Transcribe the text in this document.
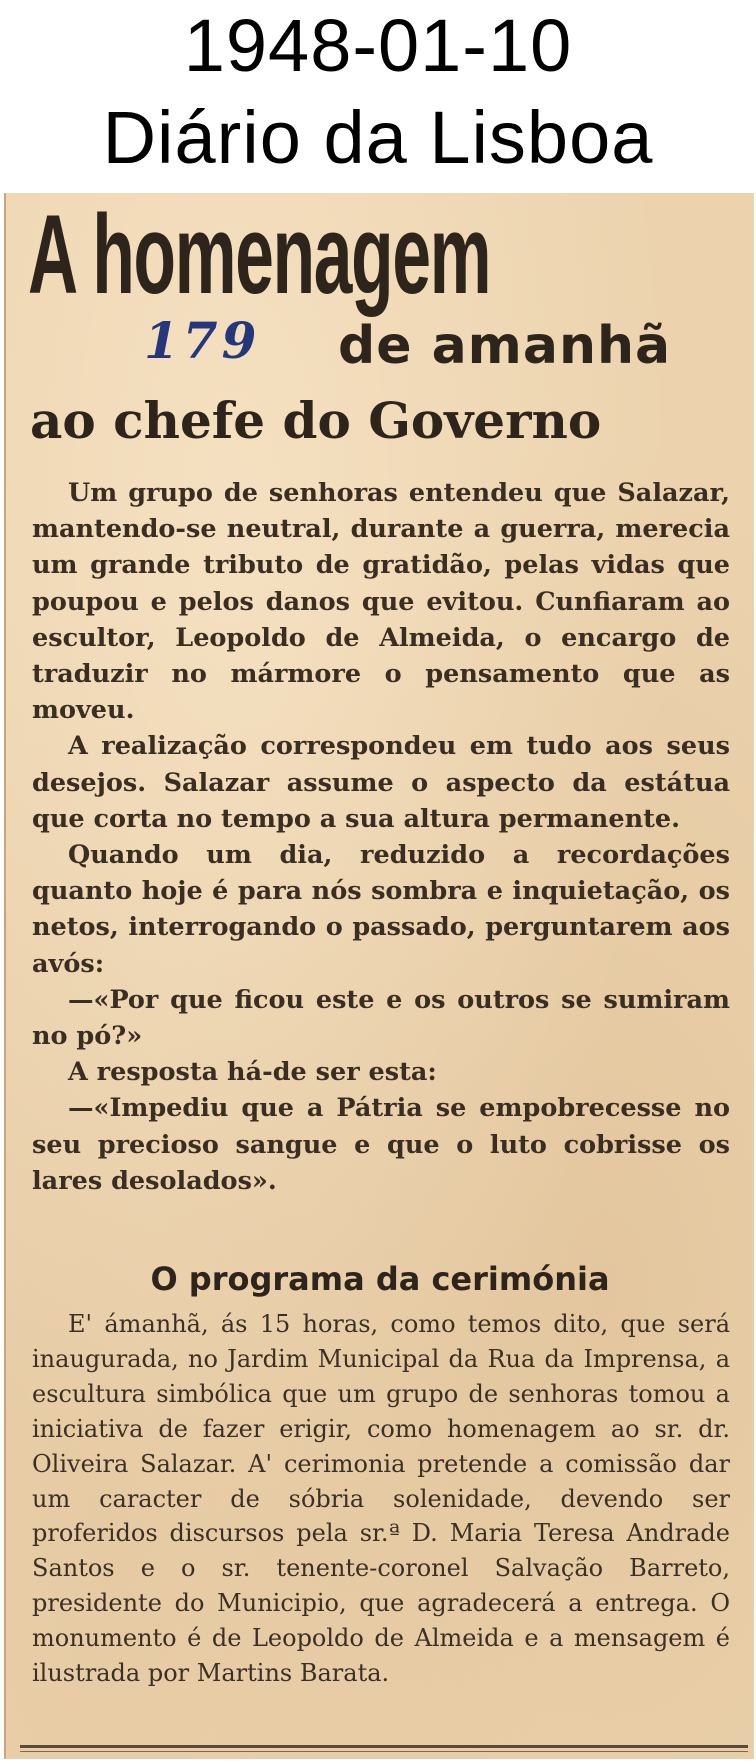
1948-01-10
Diário da Lisboa
A homenagem
179 de amanhã
ao chefe do Governo

Um grupo de senhoras entendeu que Salazar, mantendo-se neutral, durante a guerra, merecia um grande tributo de gratidão, pelas vidas que poupou e pelos danos que evitou. Cunfiaram ao escultor, Leopoldo de Almeida, o encargo de traduzir no mármore o pensamento que as moveu.

A realização correspondeu em tudo aos seus desejos. Salazar assume o aspecto da estátua que corta no tempo a sua altura permanente.

Quando um dia, reduzido a recordações quanto hoje é para nós sombra e inquietação, os netos, interrogando o passado, perguntarem aos avós:

—«Por que ficou este e os outros se sumiram no pó?»

A resposta há-de ser esta:

—«Impediu que a Pátria se empobrecesse no seu precioso sangue e que o luto cobrisse os lares desolados».

O programa da cerimónia

E' ámanhã, ás 15 horas, como temos dito, que será inaugurada, no Jardim Municipal da Rua da Imprensa, a escultura simbólica que um grupo de senhoras tomou a iniciativa de fazer erigir, como homenagem ao sr. dr. Oliveira Salazar. A' cerimonia pretende a comissão dar um caracter de sóbria solenidade, devendo ser proferidos discursos pela sr.ª D. Maria Teresa Andrade Santos e o sr. tenente-coronel Salvação Barreto, presidente do Municipio, que agradecerá a entrega. O monumento é de Leopoldo de Almeida e a mensagem é ilustrada por Martins Barata.
